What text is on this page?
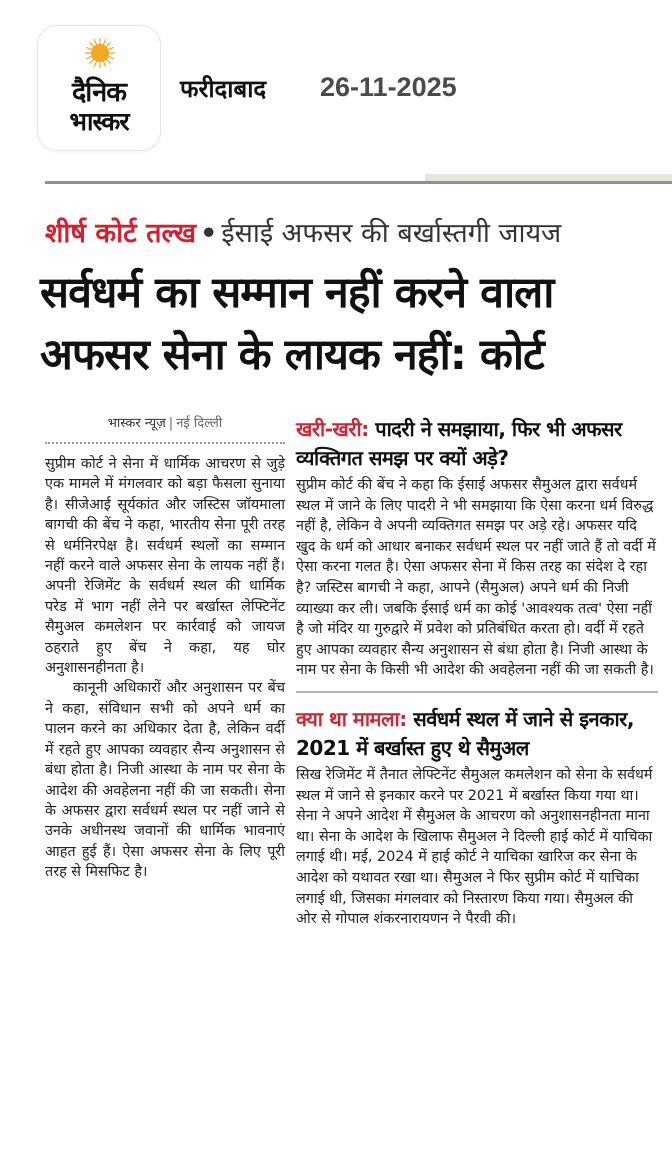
दैनिक
भास्कर
फरीदाबाद 26-11-2025
शीर्ष कोर्ट तल्ख • ईसाई अफसर की बर्खास्तगी जायज
सर्वधर्म का सम्मान नहीं करने वाला
अफसर सेना के लायक नहीं: कोर्ट
भास्कर न्यूज़ | नई दिल्ली

सुप्रीम कोर्ट ने सेना में धार्मिक आचरण से जुड़े एक मामले में मंगलवार को बड़ा फैसला सुनाया है। सीजेआई सूर्यकांत और जस्टिस जॉयमाला बागची की बेंच ने कहा, भारतीय सेना पूरी तरह से धर्मनिरपेक्ष है। सर्वधर्म स्थलों का सम्मान नहीं करने वाले अफसर सेना के लायक नहीं हैं। अपनी रेजिमेंट के सर्वधर्म स्थल की धार्मिक परेड में भाग नहीं लेने पर बर्खास्त लेफ्टिनेंट सैमुअल कमलेशन पर कार्रवाई को जायज ठहराते हुए बेंच ने कहा, यह घोर अनुशासनहीनता है।

कानूनी अधिकारों और अनुशासन पर बेंच ने कहा, संविधान सभी को अपने धर्म का पालन करने का अधिकार देता है, लेकिन वर्दी में रहते हुए आपका व्यवहार सैन्य अनुशासन से बंधा होता है। निजी आस्था के नाम पर सेना के आदेश की अवहेलना नहीं की जा सकती। सेना के अफसर द्वारा सर्वधर्म स्थल पर नहीं जाने से उनके अधीनस्थ जवानों की धार्मिक भावनाएं आहत हुई हैं। ऐसा अफसर सेना के लिए पूरी तरह से मिसफिट है।

खरी-खरी: पादरी ने समझाया, फिर भी अफसर व्यक्तिगत समझ पर क्यों अड़े?
सुप्रीम कोर्ट की बेंच ने कहा कि ईसाई अफसर सैमुअल द्वारा सर्वधर्म स्थल में जाने के लिए पादरी ने भी समझाया कि ऐसा करना धर्म विरुद्ध नहीं है, लेकिन वे अपनी व्यक्तिगत समझ पर अड़े रहे। अफसर यदि खुद के धर्म को आधार बनाकर सर्वधर्म स्थल पर नहीं जाते हैं तो वर्दी में ऐसा करना गलत है। ऐसा अफसर सेना में किस तरह का संदेश दे रहा है? जस्टिस बागची ने कहा, आपने (सैमुअल) अपने धर्म की निजी व्याख्या कर ली। जबकि ईसाई धर्म का कोई 'आवश्यक तत्व' ऐसा नहीं है जो मंदिर या गुरुद्वारे में प्रवेश को प्रतिबंधित करता हो। वर्दी में रहते हुए आपका व्यवहार सैन्य अनुशासन से बंधा होता है। निजी आस्था के नाम पर सेना के किसी भी आदेश की अवहेलना नहीं की जा सकती है।
क्या था मामला: सर्वधर्म स्थल में जाने से इनकार, 2021 में बर्खास्त हुए थे सैमुअल
सिख रेजिमेंट में तैनात लेफ्टिनेंट सैमुअल कमलेशन को सेना के सर्वधर्म स्थल में जाने से इनकार करने पर 2021 में बर्खास्त किया गया था। सेना ने अपने आदेश में सैमुअल के आचरण को अनुशासनहीनता माना था। सेना के आदेश के खिलाफ सैमुअल ने दिल्ली हाई कोर्ट में याचिका लगाई थी। मई, 2024 में हाई कोर्ट ने याचिका खारिज कर सेना के आदेश को यथावत रखा था। सैमुअल ने फिर सुप्रीम कोर्ट में याचिका लगाई थी, जिसका मंगलवार को निस्तारण किया गया। सैमुअल की ओर से गोपाल शंकरनारायणन ने पैरवी की।
